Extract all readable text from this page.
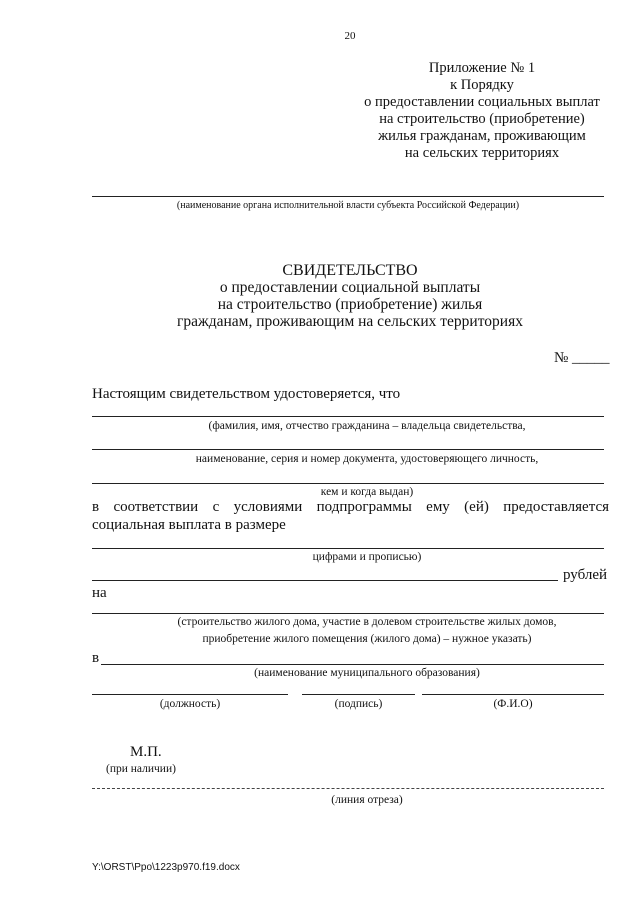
20
Приложение № 1
к Порядку
о предоставлении социальных выплат
на строительство (приобретение)
жилья гражданам, проживающим
на сельских территориях
(наименование органа исполнительной власти субъекта Российской Федерации)
СВИДЕТЕЛЬСТВО
о предоставлении социальной выплаты
на строительство (приобретение) жилья
гражданам, проживающим на сельских территориях
№ _____
Настоящим свидетельством удостоверяется, что
(фамилия, имя, отчество гражданина – владельца свидетельства,
наименование, серия и номер документа, удостоверяющего личность,
кем и когда выдан)
в соответствии с условиями подпрограммы ему (ей) предоставляется
социальная выплата в размере
цифрами и прописью)
рублей
на
(строительство жилого дома, участие в долевом строительстве жилых домов,
приобретение жилого помещения (жилого дома) – нужное указать)
в
(наименование муниципального образования)
(должность)	(подпись)	(Ф.И.О)
М.П.
(при наличии)
(линия отреза)
Y:\ORST\Ppo\1223p970.f19.docx
